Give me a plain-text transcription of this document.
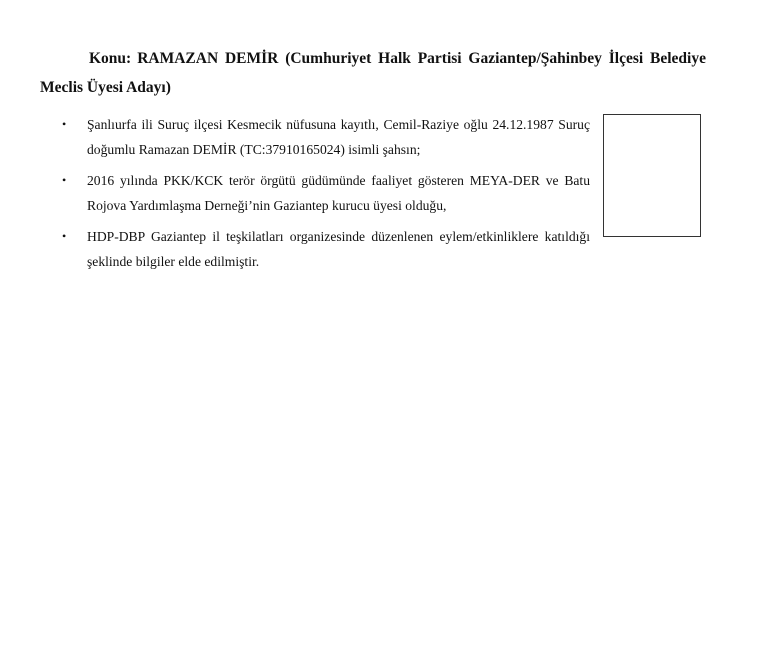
Konu: RAMAZAN DEMİR (Cumhuriyet Halk Partisi Gaziantep/Şahinbey İlçesi Belediye Meclis Üyesi Adayı)

• Şanlıurfa ili Suruç ilçesi Kesmecik nüfusuna kayıtlı, Cemil-Raziye oğlu 24.12.1987 Suruç doğumlu Ramazan DEMİR (TC:37910165024) isimli şahsın;
• 2016 yılında PKK/KCK terör örgütü güdümünde faaliyet gösteren MEYA-DER ve Batu Rojova Yardımlaşma Derneği’nin Gaziantep kurucu üyesi olduğu,
• HDP-DBP Gaziantep il teşkilatları organizesinde düzenlenen eylem/etkinliklere katıldığı şeklinde bilgiler elde edilmiştir.
